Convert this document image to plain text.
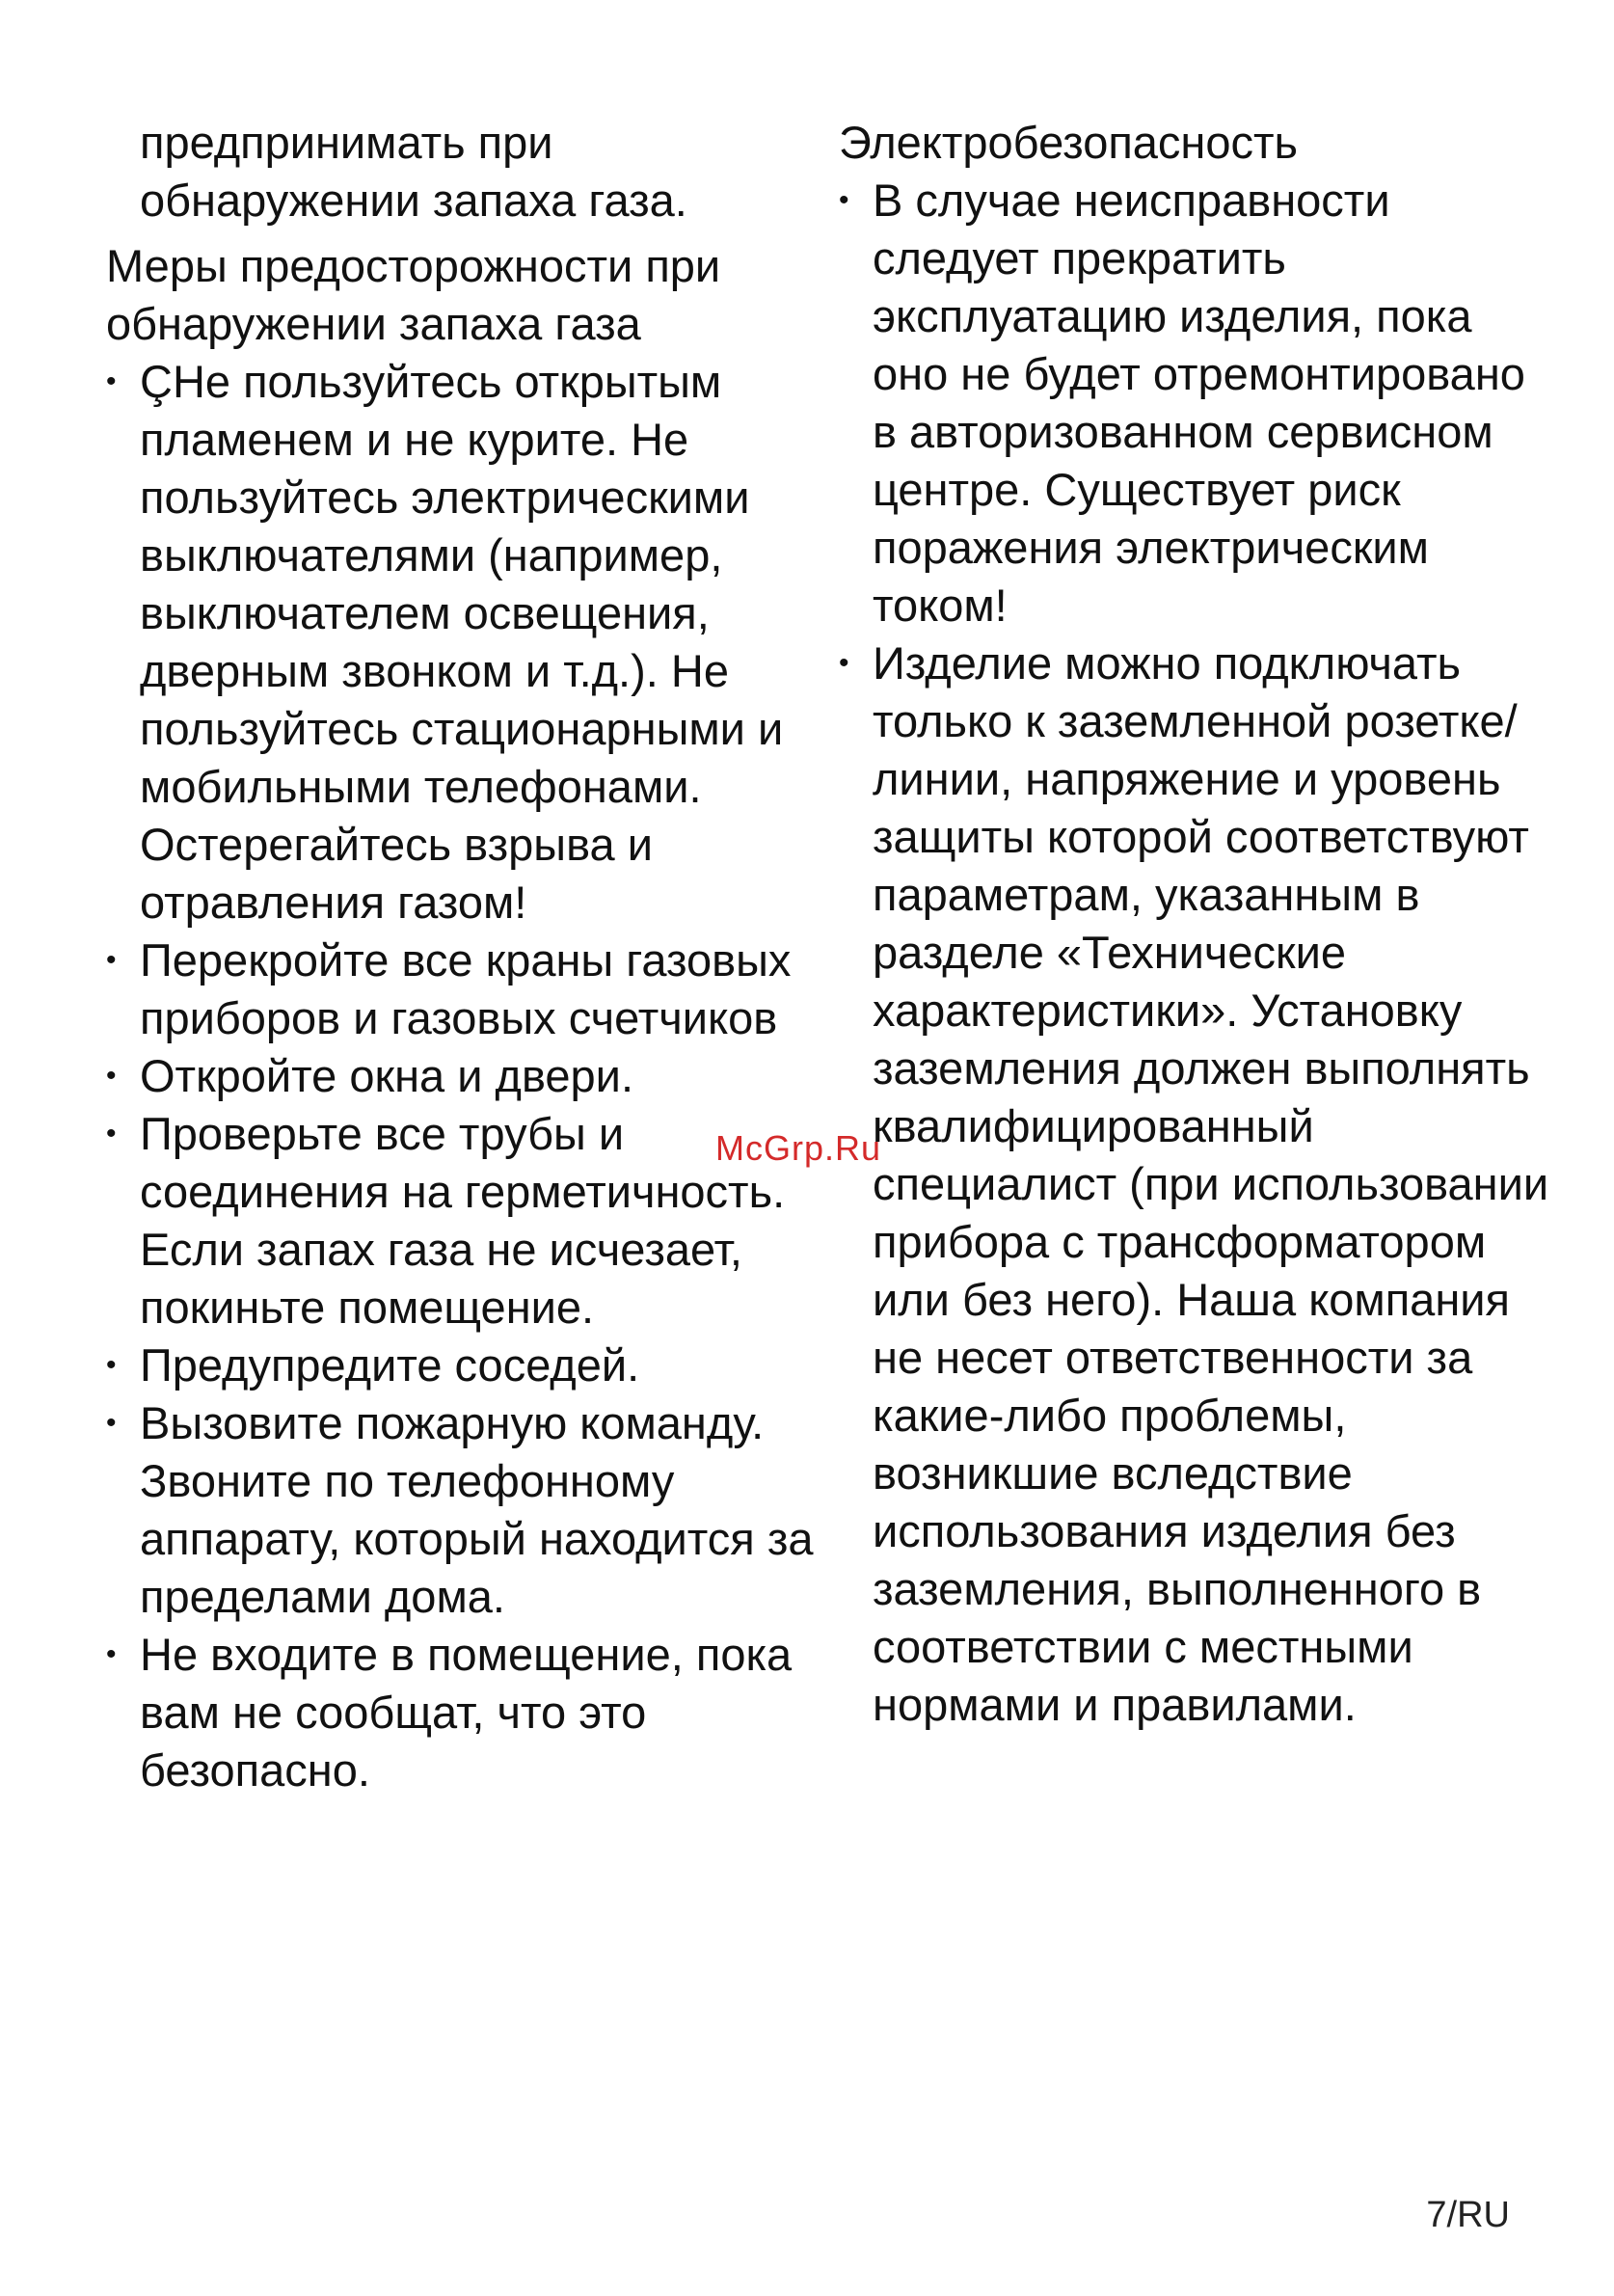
предпринимать при обнаружении запаха газа.

Меры предосторожности при обнаружении запаха газа

• ÇНе пользуйтесь открытым пламенем и не курите. Не пользуйтесь электрическими выключателями (например, выключателем освещения, дверным звонком и т.д.). Не пользуйтесь стационарными и мобильными телефонами. Остерегайтесь взрыва и отравления газом!
• Перекройте все краны газовых приборов и газовых счетчиков
• Откройте окна и двери.
• Проверьте все трубы и соединения на герметичность. Если запах газа не исчезает, покиньте помещение.
• Предупредите соседей.
• Вызовите пожарную команду. Звоните по телефонному аппарату, который находится за пределами дома.
• Не входите в помещение, пока вам не сообщат, что это безопасно.

Электробезопасность

• В случае неисправности следует прекратить эксплуатацию изделия, пока оно не будет отремонтировано в авторизованном сервисном центре. Существует риск поражения электрическим током!
• Изделие можно подключать только к заземленной розетке/линии, напряжение и уровень защиты которой соответствуют параметрам, указанным в разделе «Технические характеристики». Установку заземления должен выполнять квалифицированный специалист (при использовании прибора с трансформатором или без него). Наша компания не несет ответственности за какие-либо проблемы, возникшие вследствие использования изделия без заземления, выполненного в соответствии с местными нормами и правилами.
McGrp.Ru
7/RU
